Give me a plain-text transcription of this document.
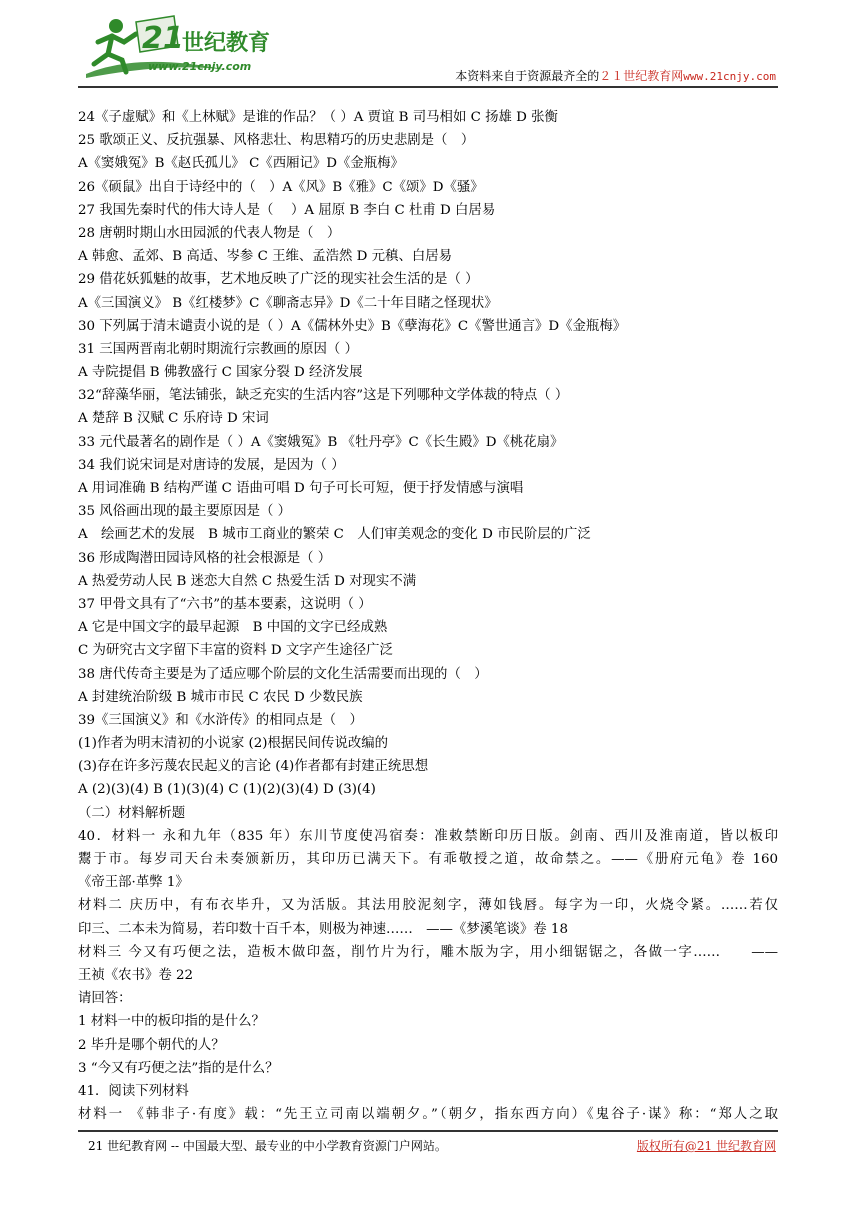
21
世纪教育
www.21cnjy.com
本资料来自于资源最齐全的２１世纪教育网www.21cnjy.com
24《子虚赋》和《上林赋》是谁的作品？（ ）A 贾谊 B 司马相如 C 扬雄 D 张衡
25 歌颂正义、反抗强暴、风格悲壮、构思精巧的历史悲剧是（　）
A《窦娥冤》B《赵氏孤儿》 C《西厢记》D《金瓶梅》
26《硕鼠》出自于诗经中的（　）A《风》B《雅》C《颂》D《骚》
27 我国先秦时代的伟大诗人是（　 ）A 屈原 B 李白 C 杜甫 D 白居易
28 唐朝时期山水田园派的代表人物是（　）
A 韩愈、孟郊、B 高适、岑参 C 王维、孟浩然 D 元稹、白居易
29 借花妖狐魅的故事，艺术地反映了广泛的现实社会生活的是（ ）
A《三国演义》 B《红楼梦》C《聊斋志异》D《二十年目睹之怪现状》
30 下列属于清末谴责小说的是（ ）A《儒林外史》B《孽海花》C《警世通言》D《金瓶梅》
31 三国两晋南北朝时期流行宗教画的原因（ ）
A 寺院提倡 B 佛教盛行 C 国家分裂 D 经济发展
32“辞藻华丽，笔法铺张，缺乏充实的生活内容”这是下列哪种文学体裁的特点（ ）
A 楚辞 B 汉赋 C 乐府诗 D 宋词
33 元代最著名的剧作是（ ）A《窦娥冤》B 《牡丹亭》C《长生殿》D《桃花扇》
34 我们说宋词是对唐诗的发展，是因为（ ）
A 用词准确 B 结构严谨 C 语曲可唱 D 句子可长可短，便于抒发情感与演唱
35 风俗画出现的最主要原因是（ ）
A　绘画艺术的发展　B 城市工商业的繁荣 C　人们审美观念的变化 D 市民阶层的广泛
36 形成陶潜田园诗风格的社会根源是（ ）
A 热爱劳动人民 B 迷恋大自然 C 热爱生活 D 对现实不满
37 甲骨文具有了“六书”的基本要素，这说明（ ）
A 它是中国文字的最早起源　B 中国的文字已经成熟
C 为研究古文字留下丰富的资料 D 文字产生途径广泛
38 唐代传奇主要是为了适应哪个阶层的文化生活需要而出现的（　）
A 封建统治阶级 B 城市市民 C 农民 D 少数民族
39《三国演义》和《水浒传》的相同点是（　）
(1)作者为明末清初的小说家 (2)根据民间传说改编的
(3)存在许多污蔑农民起义的言论 (4)作者都有封建正统思想
A (2)(3)(4) B (1)(3)(4) C (1)(2)(3)(4) D (3)(4)
（二）材料解析题
40．材料一 永和九年（835 年）东川节度使冯宿奏：准敕禁断印历日版。剑南、西川及淮南道，皆以板印
鬻于市。每岁司天台未奏颁新历，其印历已满天下。有乖敬授之道，故命禁之。——《册府元龟》卷 160
《帝王部·革弊 1》
材料二 庆历中，有布衣毕升，又为活版。其法用胶泥刻字，薄如钱唇。每字为一印，火烧令紧。……若仅
印三、二本未为简易，若印数十百千本，则极为神速……　——《梦溪笔谈》卷 18
材料三 今又有巧便之法，造板木做印盔，削竹片为行，雕木版为字，用小细锯锯之，各做一字……　　——
王祯《农书》卷 22
请回答：
1 材料一中的板印指的是什么？
2 毕升是哪个朝代的人？
3 “今又有巧便之法”指的是什么？
41．阅读下列材料
材料一 《韩非子·有度》载：“先王立司南以端朝夕。”（朝夕，指东西方向）《鬼谷子·谋》称：“郑人之取
21 世纪教育网 -- 中国最大型、最专业的中小学教育资源门户网站。	版权所有@21 世纪教育网
